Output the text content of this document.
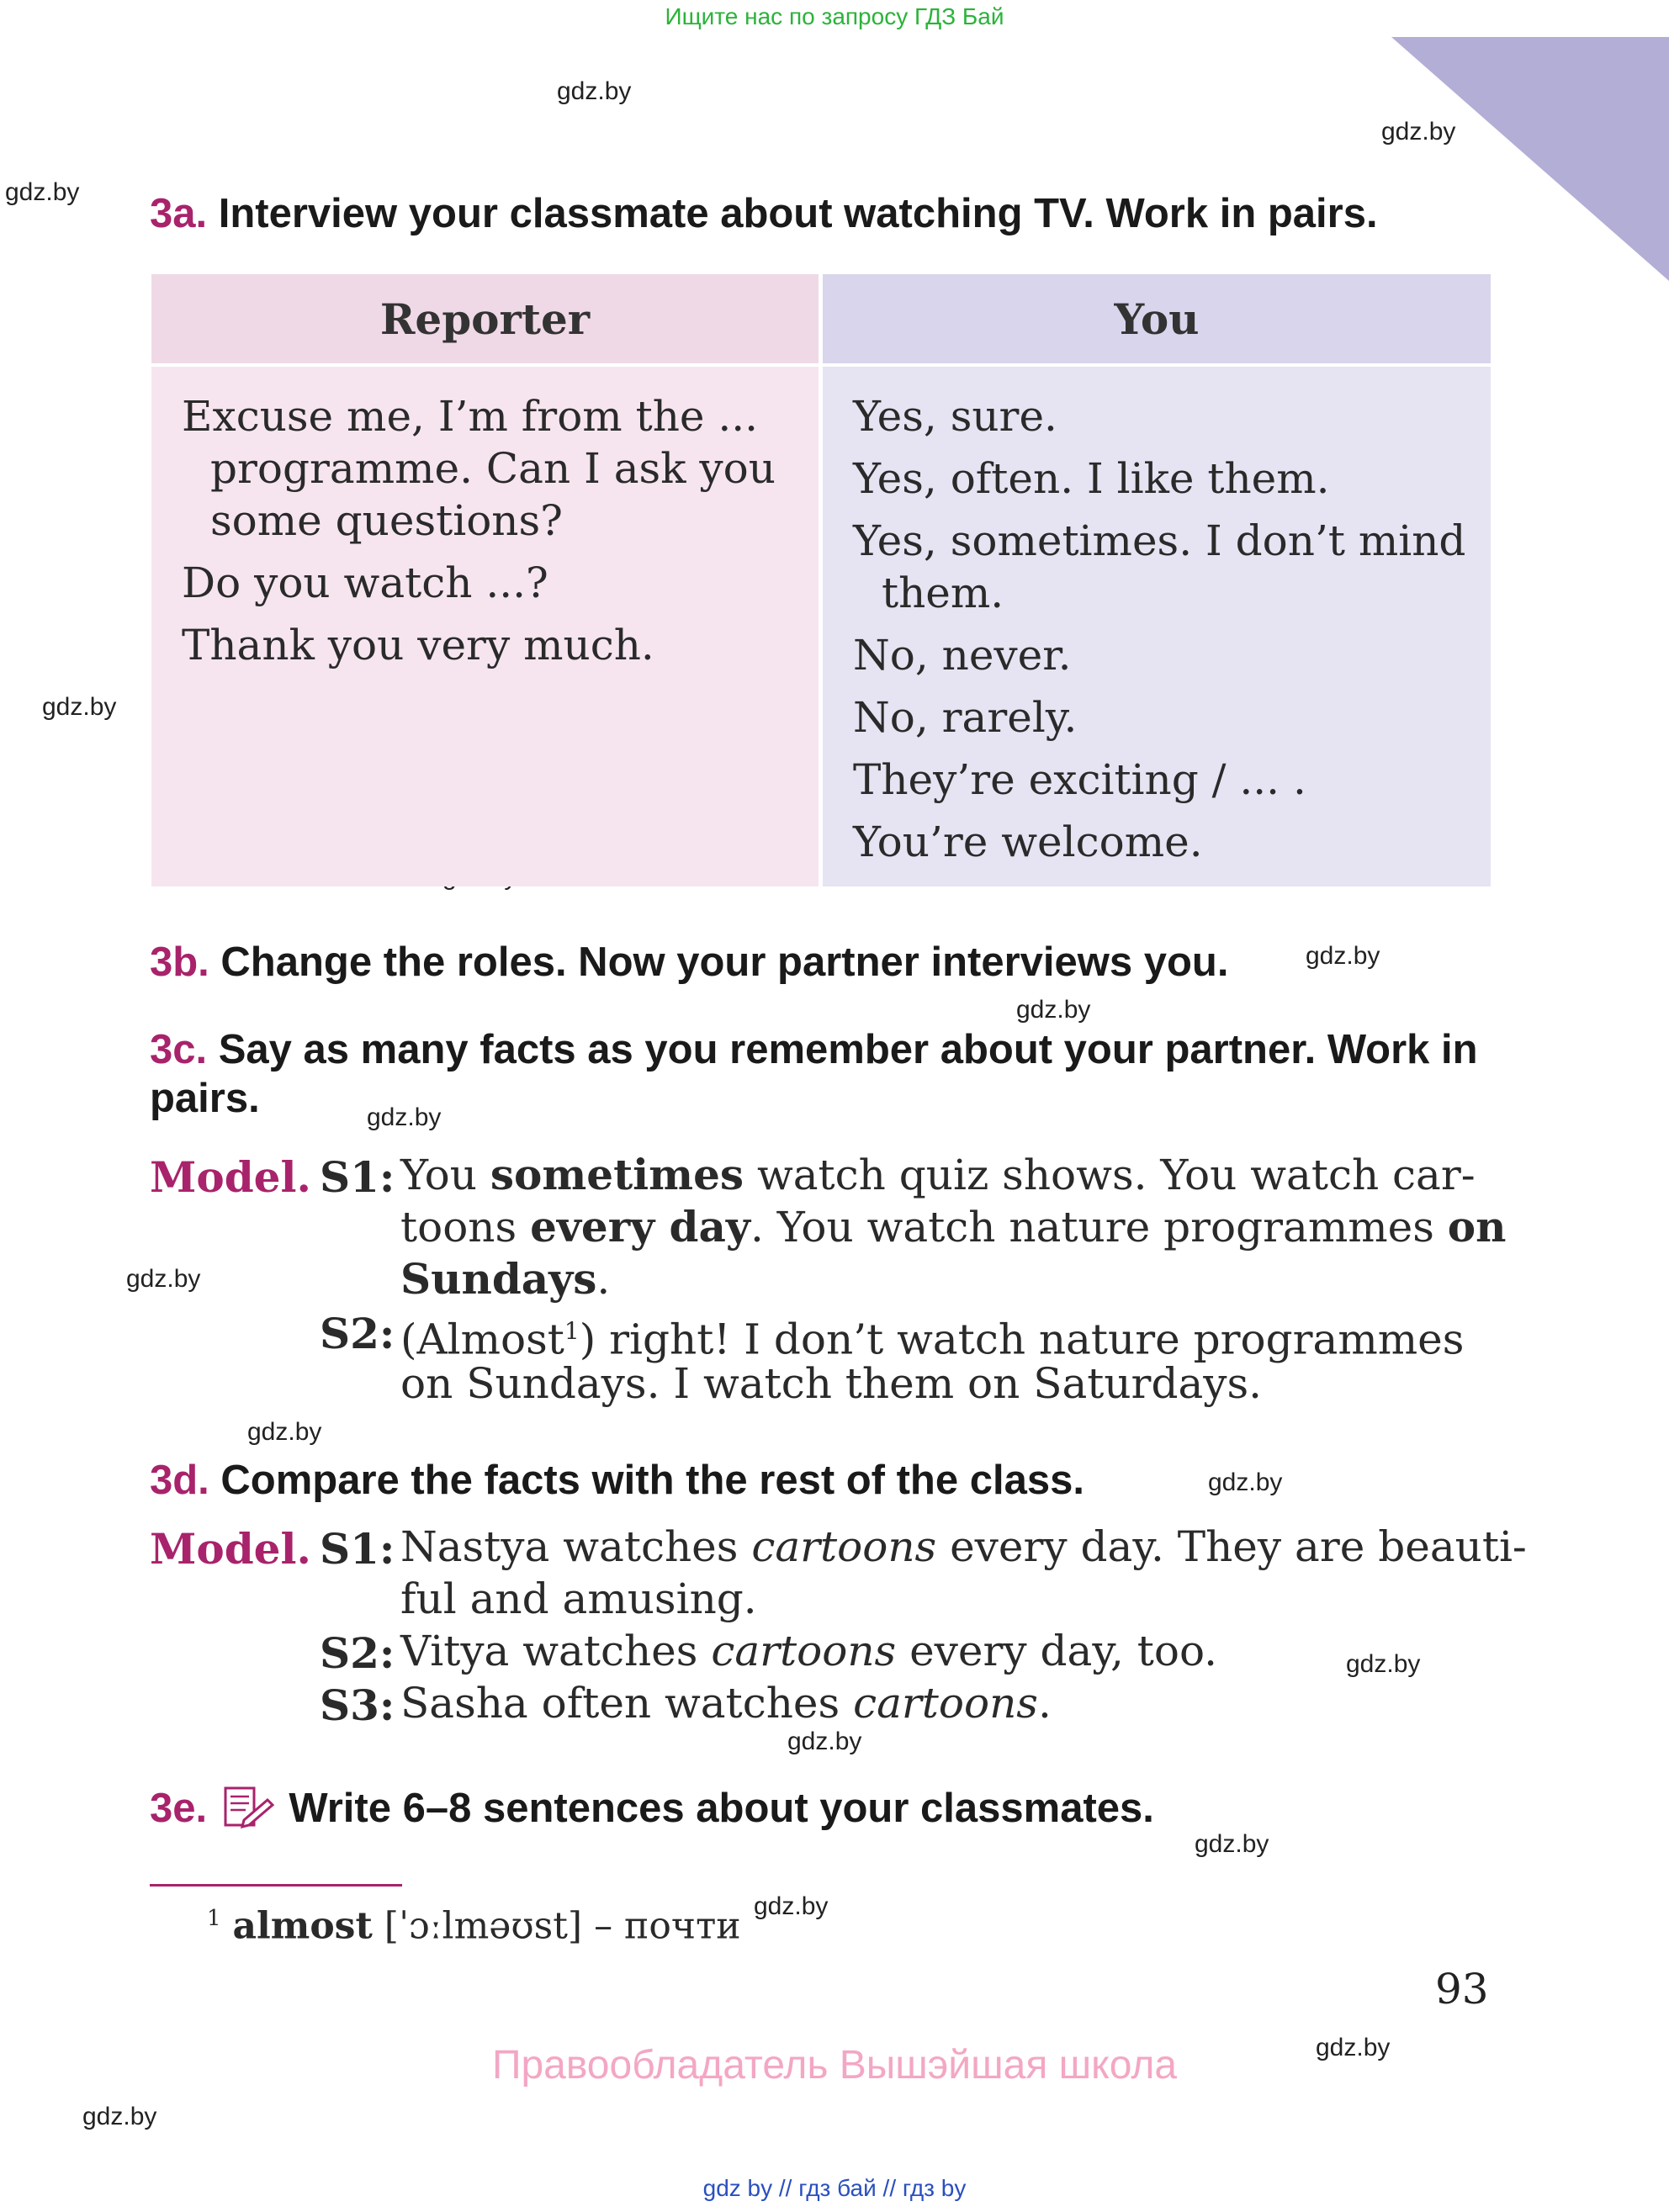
Ищите нас по запросу ГДЗ Бай
gdz.by
gdz.by
gdz.by
gdz.by
gdz.by
gdz.by
gdz.by
gdz.by
gdz.by
gdz.by
gdz.by
gdz.by
gdz.by
gdz.by
gdz.by
gdz.by
3a. Interview your classmate about watching TV. Work in pairs.
Reporter
Excuse me, I’m from the ...
programme. Can I ask you
some questions?
Do you watch ...?
Thank you very much.
You
Yes, sure.
Yes, often. I like them.
Yes, sometimes. I don’t mind
them.
No, never.
No, rarely.
They’re exciting / ... .
You’re welcome.
3b. Change the roles. Now your partner interviews you.
3c. Say as many facts as you remember about your partner. Work in
pairs.
Model. S1: You sometimes watch quiz shows. You watch car-
toons every day. You watch nature programmes on
Sundays.
S2: (Almost$^1$) right! I don’t watch nature programmes
on Sundays. I watch them on Saturdays.
3d. Compare the facts with the rest of the class.
Model. S1: Nastya watches cartoons every day. They are beauti-
ful and amusing.
S2: Vitya watches cartoons every day, too.
S3: Sasha often watches cartoons.
3e. Write 6–8 sentences about your classmates.
$^1$ almost [ˈɔːlməʊst] – почти
93
Правообладатель Вышэйшая школа
gdz by // гдз бай // гдз by
